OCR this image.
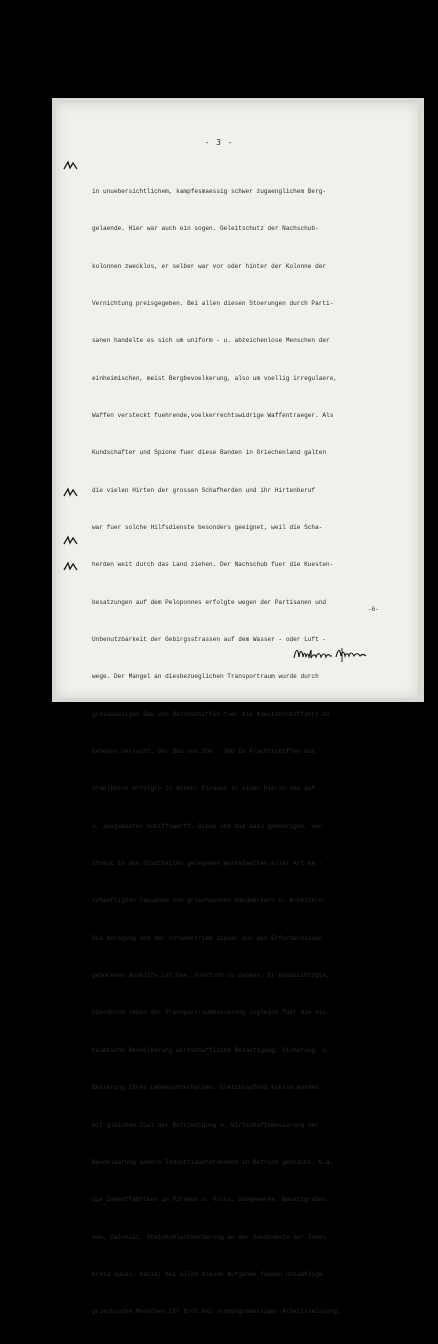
- 3 -

in unuebersichtlichem, kampfesmaessig schwer zugaenglichem Berg-

gelaende. Hier war auch ein sogen. Geleitschutz der Nachschub-

kolonnen zwecklos, er selber war vor oder hinter der Kolonne der

Vernichtung preisgegeben. Bei allen diesen Stoerungen durch Parti-

sanen handelte es sich um uniform - u. abzeichenlose Menschen der

einheimischen, meist Bergbevoelkerung, also um voellig irregulaere,

Waffen versteckt fuehrende,voelkerrechtswidrige Waffentraeger. Als

Kundschafter und Spione fuer diese Banden in Griechenland galten

die vielen Hirten der grossen Schafherden und ihr Hirtenberuf

war fuer solche Hilfsdienste besonders geeignet, weil die Scha-

herden weit durch das Land ziehen. Der Nachschub fuer die Kuesten-

besatzungen auf dem Peloponnes erfolgte wegen der Partisanen und

Unbenutzbarkeit der Gebirgsstrassen auf dem Wasser - oder Luft -

wege. Der Mangel an diesbezueglichen Transportraum wurde durch

grossmassigen Bau von Betonschiffen fuer die Kuestenschiffahrt zu

beheben versucht. Der Bau von 200 - 300 to Frachtschiffen aus

Stahlbeton erfolgte in Athen/ Piraeus in einer hierzu neu auf -

u. ausgebauten Schiffswerft. Diese und die dazu gehoerigen, ver-

streut in den Stadtteilen gelegenen Werkstaetten aller Art be -

schaeftigten Tausende von griechischen Handwerkern u. Arbeitern.

Die Anregung und der Vorumertrieb dieser aus den Erfordernissen

geborenen Aushilfe ist Gen. Foertsch zu danken. Er beabsichtigte,

hierdurch neben der Transportraumbesserung zugleich fuer die ein-

heimische Bevoelkerung wirtschaftliche Betaetigung, Sicherung, u.

Besserung ihres Lebensunterhaltes. Gleichlaufend hierzu wurden

mit gleichem Ziel der Befriedigung u. Wirtschaftsbesserung der

Bevoelkerung andere Industrieunternehmen in Betrieb gebracht. U.a.

die Zementfabriken im Piraeus u. Volos, Saegewerke, Bauxitgruben

usw. Saloniki, Steinkohlenfoerderung an der Suedkueste der Insel

Kreta suedl. Kania; bei allen diesen Aufgaben fanden unzaehlige

griechische Menschen ihr Brot bei ordnungsmaessiger Arbeitsleistung.

-6-
